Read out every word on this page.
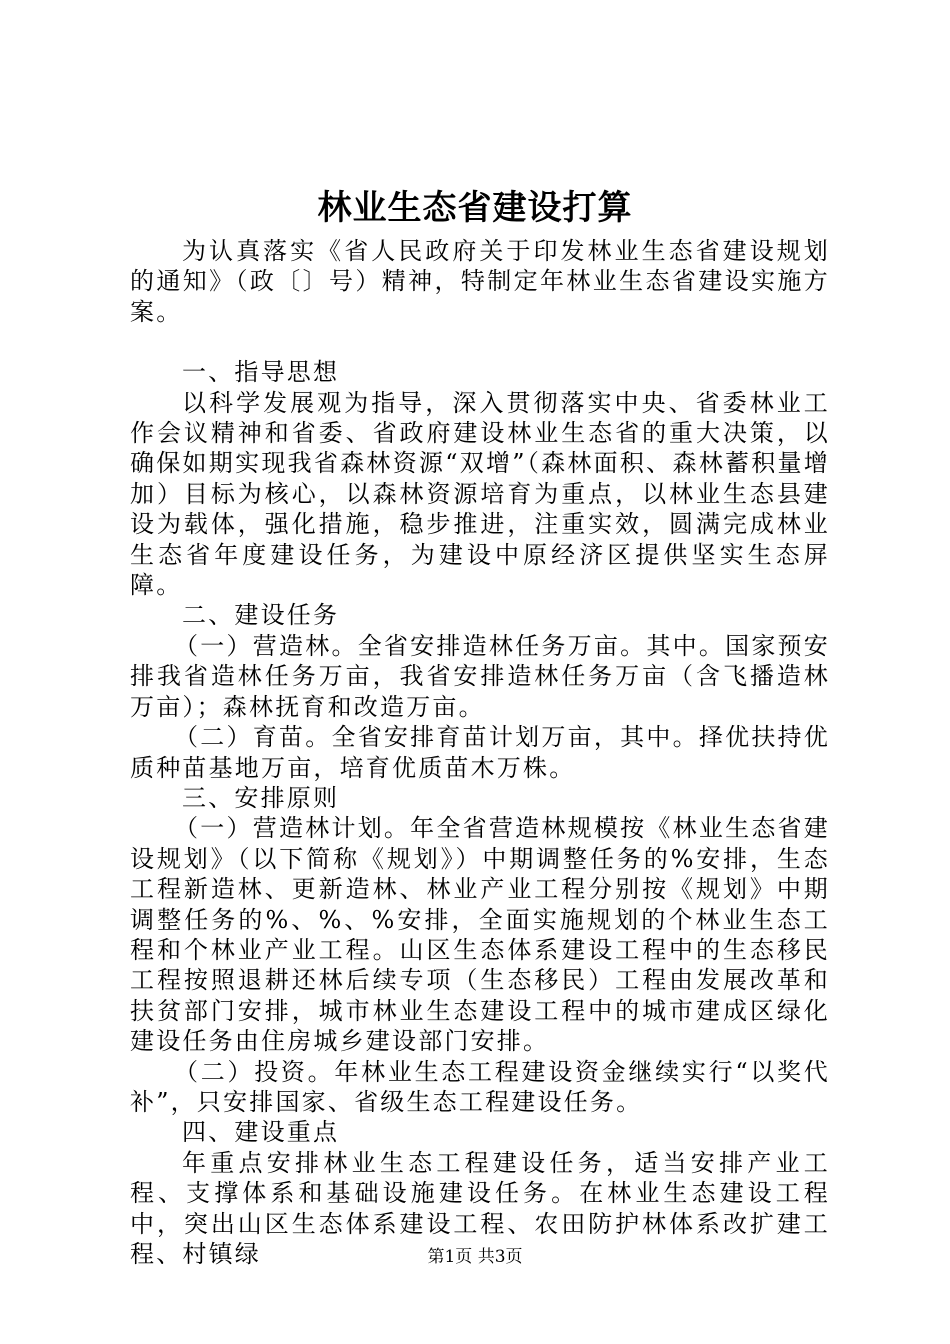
林业生态省建设打算

为认真落实《省人民政府关于印发林业生态省建设规划的通知》（政〔〕号）精神，特制定年林业生态省建设实施方案。

一、指导思想

以科学发展观为指导，深入贯彻落实中央、省委林业工作会议精神和省委、省政府建设林业生态省的重大决策，以确保如期实现我省森林资源“双增”（森林面积、森林蓄积量增加）目标为核心，以森林资源培育为重点，以林业生态县建设为载体，强化措施，稳步推进，注重实效，圆满完成林业生态省年度建设任务，为建设中原经济区提供坚实生态屏障。

二、建设任务

（一）营造林。全省安排造林任务万亩。其中。国家预安排我省造林任务万亩，我省安排造林任务万亩（含飞播造林万亩）；森林抚育和改造万亩。

（二）育苗。全省安排育苗计划万亩，其中。择优扶持优质种苗基地万亩，培育优质苗木万株。

三、安排原则

（一）营造林计划。年全省营造林规模按《林业生态省建设规划》（以下简称《规划》）中期调整任务的%安排，生态工程新造林、更新造林、林业产业工程分别按《规划》中期调整任务的%、%、%安排，全面实施规划的个林业生态工程和个林业产业工程。山区生态体系建设工程中的生态移民工程按照退耕还林后续专项（生态移民）工程由发展改革和扶贫部门安排，城市林业生态建设工程中的城市建成区绿化建设任务由住房城乡建设部门安排。

（二）投资。年林业生态工程建设资金继续实行“以奖代补”，只安排国家、省级生态工程建设任务。

四、建设重点

年重点安排林业生态工程建设任务，适当安排产业工程、支撑体系和基础设施建设任务。在林业生态建设工程中，突出山区生态体系建设工程、农田防护林体系改扩建工程、村镇绿	第1页 共3页
